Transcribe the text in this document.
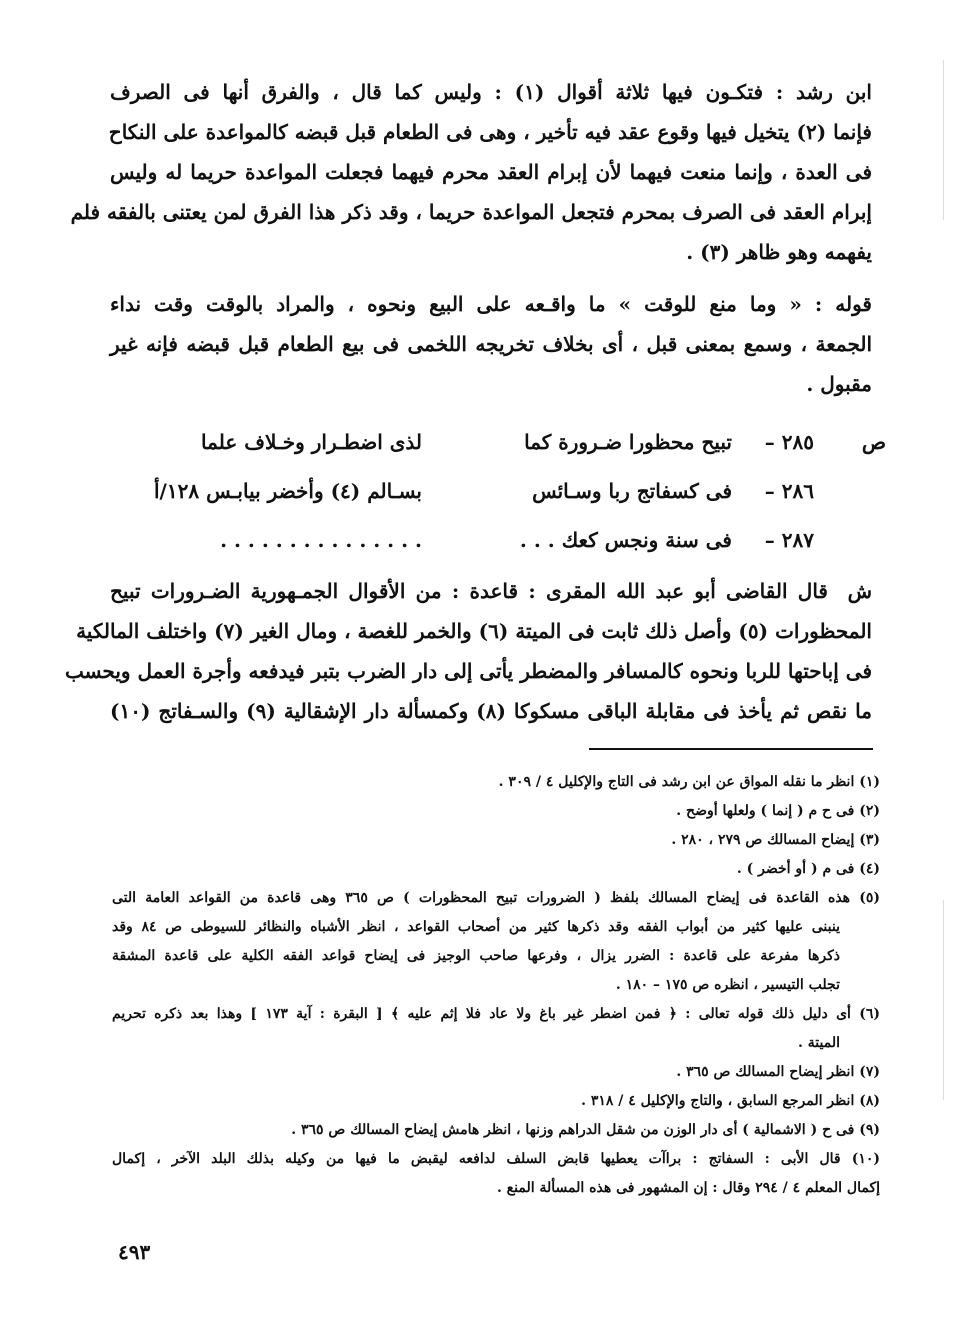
ابن رشد : فتكـون فيها ثلاثة أقوال (١) : وليس كما قال ، والفرق أنها فى الصرف
فإنما (٢) يتخيل فيها وقوع عقد فيه تأخير ، وهى فى الطعام قبل قبضه كالمواعدة على النكاح
فى العدة ، وإنما منعت فيهما لأن إبرام العقد محرم فيهما فجعلت المواعدة حريما له وليس
إبرام العقد فى الصرف بمحرم فتجعل المواعدة حريما ، وقد ذكر هذا الفرق لمن يعتنى بالفقه فلم
يفهمه وهو ظاهر (٣) .
قوله : « وما منع للوقت » ما واقـعه على البيع ونحوه ، والمراد بالوقت وقت نداء
الجمعة ، وسمع بمعنى قبل ، أى بخلاف تخريجه اللخمى فى بيع الطعام قبل قبضه فإنه غير
مقبول .
ص
٢٨٥ –
تبيح محظورا ضـرورة كما
لذى اضطـرار وخـلاف علما
٢٨٦ –
فى كسفاتج ربا وسـائس
بسـالم (٤) وأخضر بيابـس ١٢٨/أ
٢٨٧ –
فى سنة ونجس كعك . . .
. . . . . . . . . . . . . . .
شقال القاضى أبو عبد الله المقرى : قاعدة : من الأقوال الجمـهورية الضـرورات تبيح
المحظورات (٥) وأصل ذلك ثابت فى الميتة (٦) والخمر للغصة ، ومال الغير (٧) واختلف المالكية
فى إباحتها للربا ونحوه كالمسافر والمضطر يأتى إلى دار الضرب بتبر فيدفعه وأجرة العمل ويحسب
ما نقص ثم يأخذ فى مقابلة الباقى مسكوكا (٨) وكمسألة دار الإشقالية (٩) والسـفاتج (١٠)
(١) انظر ما نقله المواق عن ابن رشد فى التاج والإكليل ٤ / ٣٠٩ .
(٢) فى ح م ( إنما ) ولعلها أوضح .
(٣) إيضاح المسالك ص ٢٧٩ ، ٢٨٠ .
(٤) فى م ( أو أخضر ) .
(٥) هذه القاعدة فى إيضاح المسالك بلفظ ( الضرورات تبيح المحظورات ) ص ٣٦٥ وهى قاعدة من القواعد العامة التى
ينبنى عليها كثير من أبواب الفقه وقد ذكرها كثير من أصحاب القواعد ، انظر الأشباه والنظائر للسيوطى ص ٨٤ وقد
ذكرها مفرعة على قاعدة : الضرر يزال ، وفرعها صاحب الوجيز فى إيضاح قواعد الفقه الكلية على قاعدة المشقة
تجلب التيسير ، انظره ص ١٧٥ – ١٨٠ .
(٦) أى دليل ذلك قوله تعالى : ﴿ فمن اضطر غير باغ ولا عاد فلا إثم عليه ﴾ [ البقرة : آية ١٧٣ ] وهذا بعد ذكره تحريم
الميتة .
(٧) انظر إيضاح المسالك ص ٣٦٥ .
(٨) انظر المرجع السابق ، والتاج والإكليل ٤ / ٣١٨ .
(٩) فى ح ( الاشمالية ) أى دار الوزن من شقل الدراهم وزنها ، انظر هامش إيضاح المسالك ص ٣٦٥ .
(١٠) قال الأبى : السفاتج : براآت يعطيها قابض السلف لدافعه ليقبض ما فيها من وكيله بذلك البلد الآخر ، إكمال
إكمال المعلم ٤ / ٢٩٤ وقال : إن المشهور فى هذه المسألة المنع .
٤٩٣
